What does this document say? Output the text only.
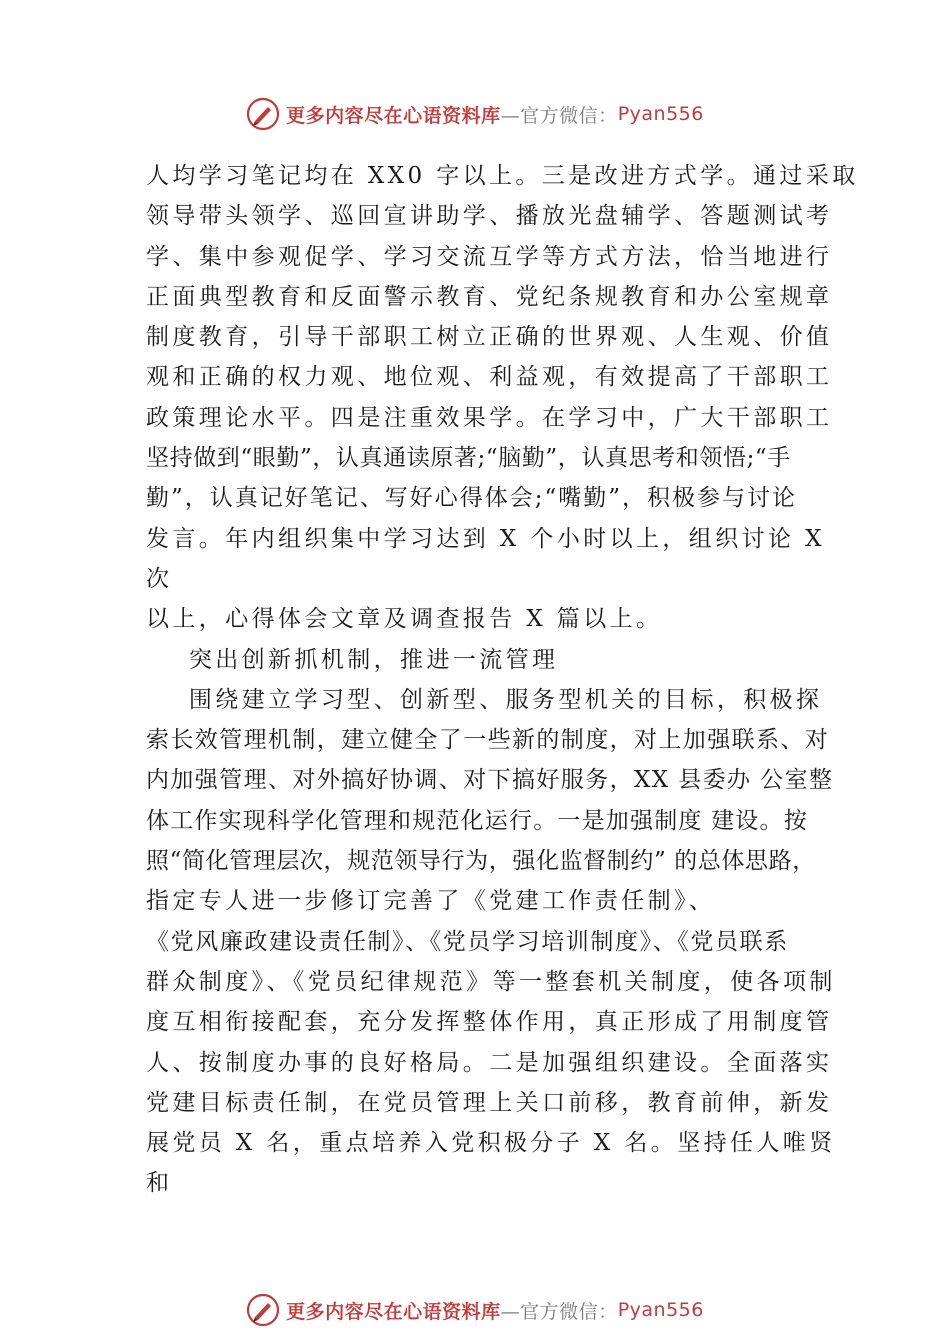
更多内容尽在心语资料库 —官方微信： Pyan556
人均学习笔记均在 XX0 字以上。三是改进方式学。通过采取
领导带头领学、巡回宣讲助学、播放光盘辅学、答题测试考
学、集中参观促学、学习交流互学等方式方法，恰当地进行
正面典型教育和反面警示教育、党纪条规教育和办公室规章
制度教育，引导干部职工树立正确的世界观、人生观、价值
观和正确的权力观、地位观、利益观，有效提高了干部职工
政策理论水平。四是注重效果学。在学习中，广大干部职工
坚持做到“眼勤”，认真通读原著;“脑勤”，认真思考和领悟;“手
勤”，认真记好笔记、写好心得体会;“嘴勤”，积极参与讨论
发言。年内组织集中学习达到 X 个小时以上，组织讨论 X
次
以上，心得体会文章及调查报告 X 篇以上。
突出创新抓机制，推进一流管理
围绕建立学习型、创新型、服务型机关的目标，积极探
索长效管理机制，建立健全了一些新的制度，对上加强联系、对
内加强管理、对外搞好协调、对下搞好服务，XX 县委办 公室整
体工作实现科学化管理和规范化运行。一是加强制度 建设。按
照“简化管理层次，规范领导行为，强化监督制约” 的总体思路，
指定专人进一步修订完善了《党建工作责任制》、
《党风廉政建设责任制》、《党员学习培训制度》、《党员联系
群众制度》、《党员纪律规范》等一整套机关制度，使各项制
度互相衔接配套，充分发挥整体作用，真正形成了用制度管
人、按制度办事的良好格局。二是加强组织建设。全面落实
党建目标责任制，在党员管理上关口前移，教育前伸，新发
展党员 X 名，重点培养入党积极分子 X 名。坚持任人唯贤
和
更多内容尽在心语资料库 —官方微信： Pyan556
